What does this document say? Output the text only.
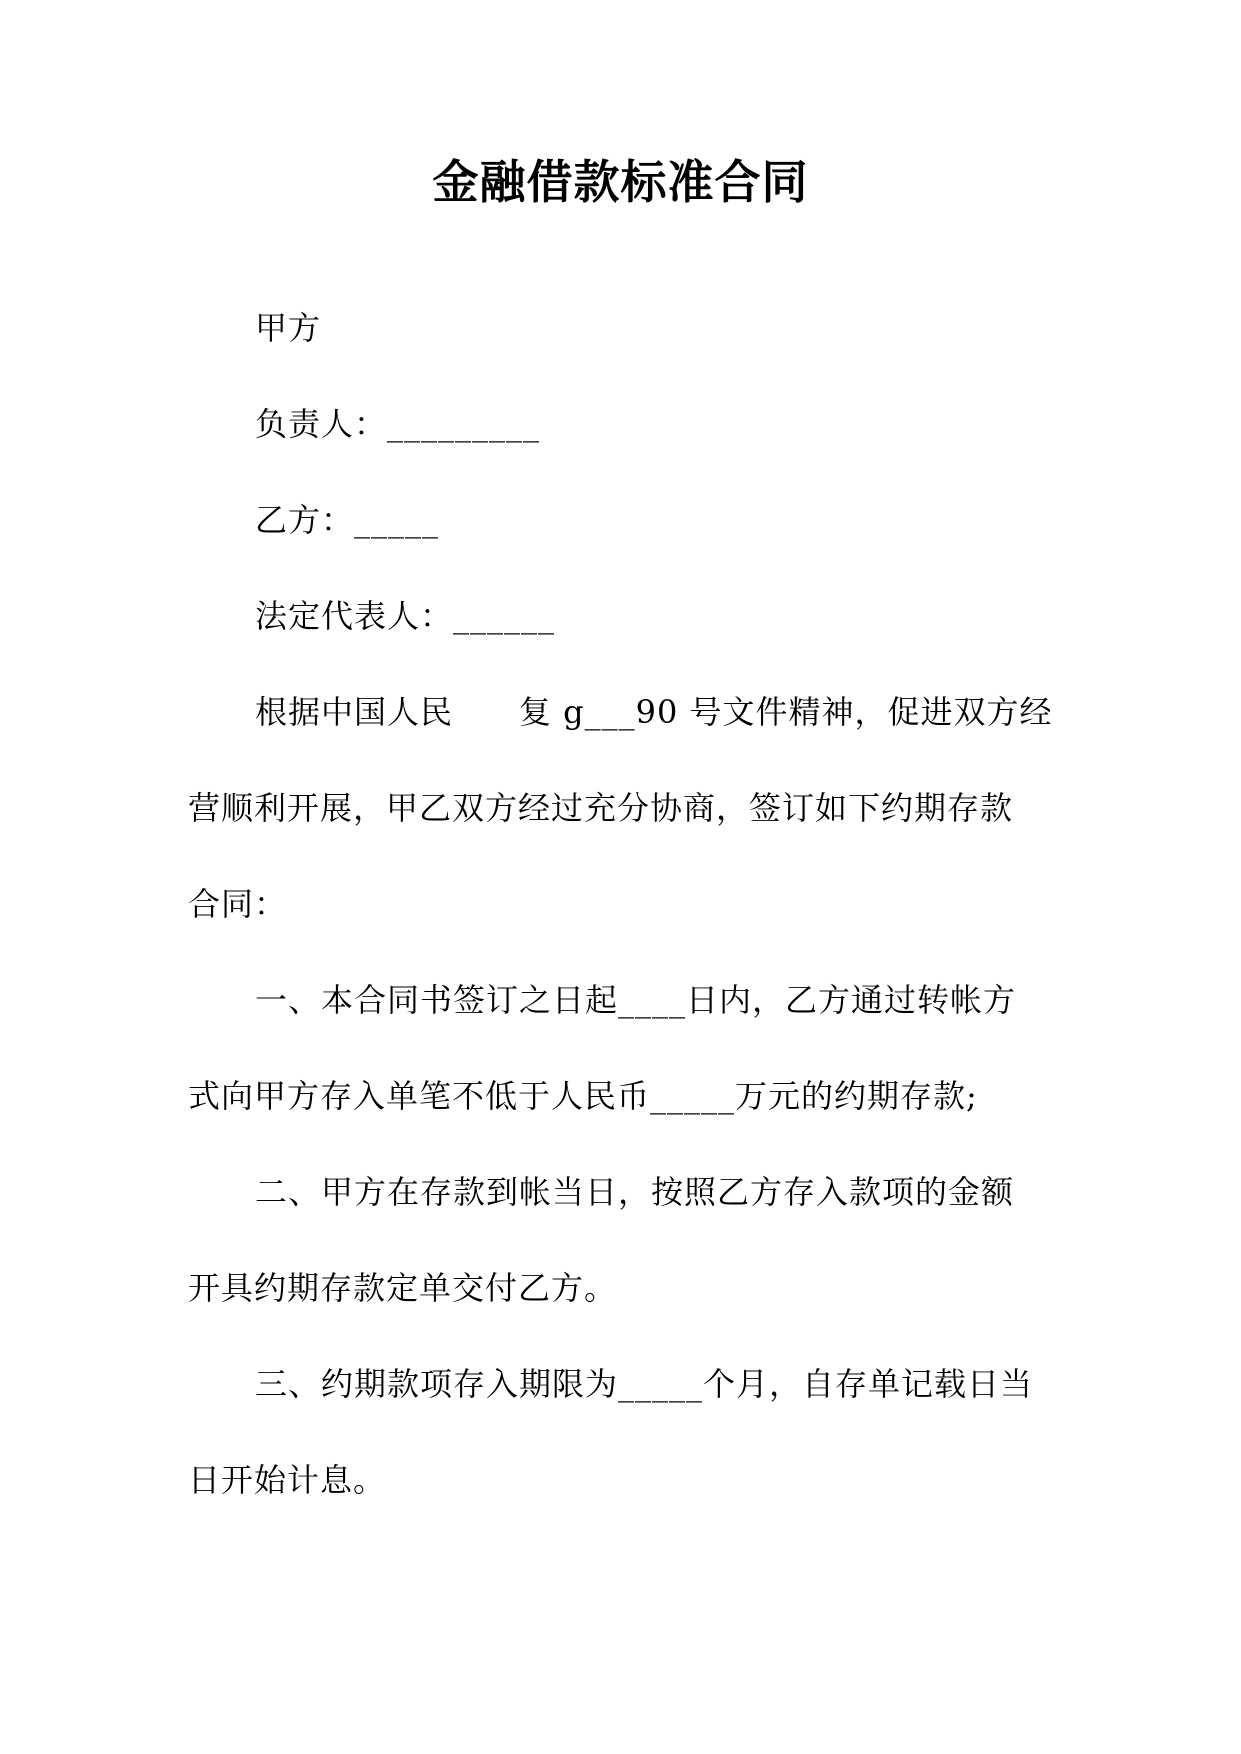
金融借款标准合同
甲方
负责人：_________
乙方：_____
法定代表人：______
根据中国人民　　复 g___90 号文件精神，促进双方经
营顺利开展，甲乙双方经过充分协商，签订如下约期存款
合同：
一、本合同书签订之日起____日内，乙方通过转帐方
式向甲方存入单笔不低于人民币_____万元的约期存款;
二、甲方在存款到帐当日，按照乙方存入款项的金额
开具约期存款定单交付乙方。
三、约期款项存入期限为_____个月，自存单记载日当
日开始计息。
